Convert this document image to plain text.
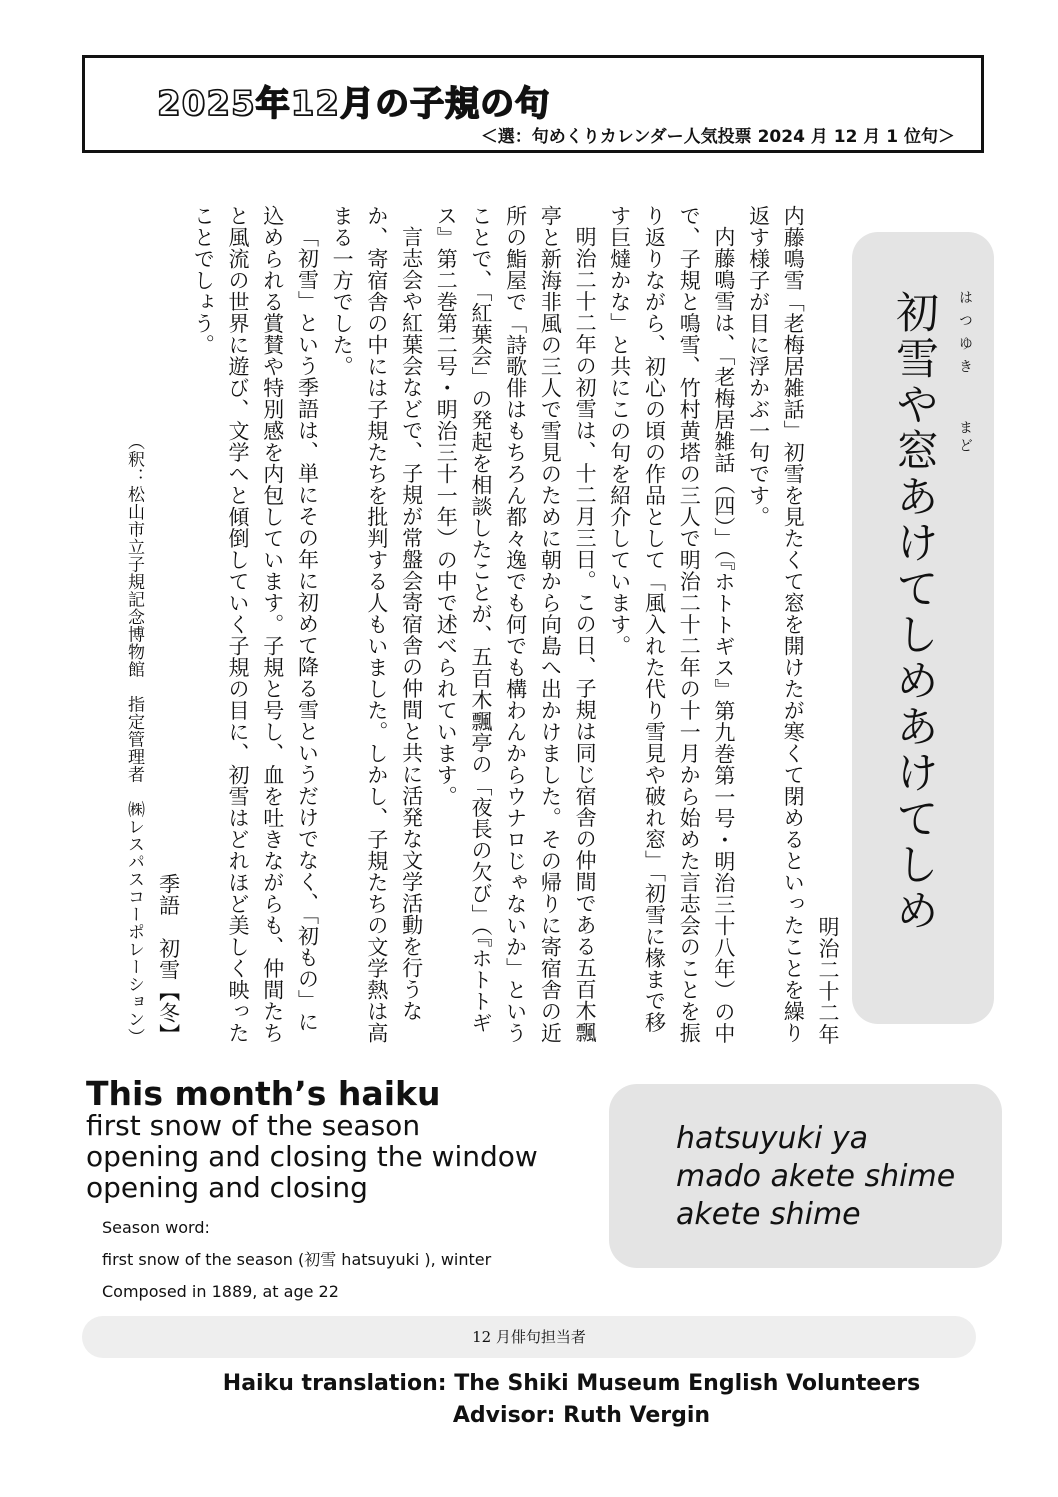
2025年12月の子規の句
＜選：句めくりカレンダー人気投票 2024 月 12 月 1 位句＞
明治二十二年

内藤鳴雪「老梅居雑話」初雪を見たくて窓を開けたが寒くて閉めるといったことを繰り返す様子が目に浮かぶ一句です。

内藤鳴雪は、「老梅居雑話（四）」（『ホトトギス』第九巻第一号・明治三十八年）の中で、子規と鳴雪、竹村黄塔の三人で明治二十二年の十一月から始めた言志会のことを振り返りながら、初心の頃の作品として「風入れた代り雪見や破れ窓」「初雪に椽まで移す巨燵かな」と共にこの句を紹介しています。

明治二十二年の初雪は、十二月三日。この日、子規は同じ宿舎の仲間である五百木飄亭と新海非風の三人で雪見のために朝から向島へ出かけました。その帰りに寄宿舎の近所の鮨屋で「詩歌俳はもちろん都々逸でも何でも構わんからウナロじゃないか」ということで、「紅葉会」の発起を相談したことが、五百木飄亭の「夜長の欠び」（『ホトトギス』第二巻第二号・明治三十一年）の中で述べられています。

言志会や紅葉会などで、子規が常盤会寄宿舎の仲間と共に活発な文学活動を行うなか、寄宿舎の中には子規たちを批判する人もいました。しかし、子規たちの文学熱は高まる一方でした。

「初雪」という季語は、単にその年に初めて降る雪というだけでなく、「初もの」に込められる賞賛や特別感を内包しています。子規と号し、血を吐きながらも、仲間たちと風流の世界に遊び、文学へと傾倒していく子規の目に、初雪はどれほど美しく映ったことでしょう。

季語　初雪【冬】
（釈：松山市立子規記念博物館　指定管理者　㈱レスパスコーポレーション）	初雪や窓あけてしめあけてしめ はつゆき
まど
This month’s haiku
first snow of the season
opening and closing the window
opening and closing
Season word:
first snow of the season (初雪 hatsuyuki ), winter
Composed in 1889, at age 22
hatsuyuki ya
mado akete shime
akete shime
12 月俳句担当者
Haiku translation: The Shiki Museum English Volunteers
Advisor: Ruth Vergin
